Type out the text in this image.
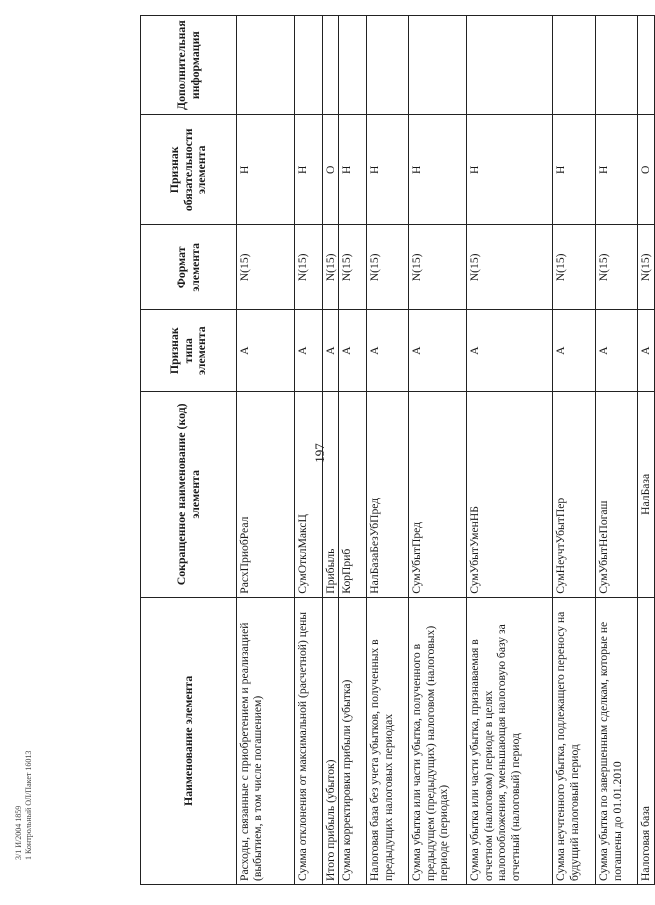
197
Наименование элемента	Сокращенное наименование (код) элемента	Признак типа элемента	Формат элемента	Признак обязательности элемента	Дополнительная информация
Расходы, связанные с приобретением и реализацией (выбытием, в том числе погашением)	РасхПриобРеал	А	N(15)	Н	
Сумма отклонения от максимальной (расчетной) цены	СумОтклМаксЦ	А	N(15)	Н	
Итого прибыль (убыток)	Прибыль	А	N(15)	О	
Сумма корректировки прибыли (убытка)	КорПриб	А	N(15)	Н	
Налоговая база без учета убытков, полученных в предыдущих налоговых периодах	НалБазаБезУбПред	А	N(15)	Н	
Сумма убытка или части убытка, полученного в предыдущем (предыдущих) налоговом (налоговых) периоде (периодах)	СумУбытПред	А	N(15)	Н	
Сумма убытка или части убытка, признаваемая в отчетном (налоговом) периоде в целях налогообложения, уменьшающая налоговую базу за отчетный (налоговый) период	СумУбытУменНБ	А	N(15)	Н	
Сумма неучтенного убытка, подлежащего переносу на будущий налоговый период	СумНеучтУбытПер	А	N(15)	Н	
Сумма убытка по завершенным сделкам, которые не погашены до 01.01.2010	СумУбытНеПогаш	А	N(15)	Н	
Налоговая база	НалБаза	А	N(15)	О	
3/1 И/2004 1859 1 Контрольный ОЛ/Пакет 16013
